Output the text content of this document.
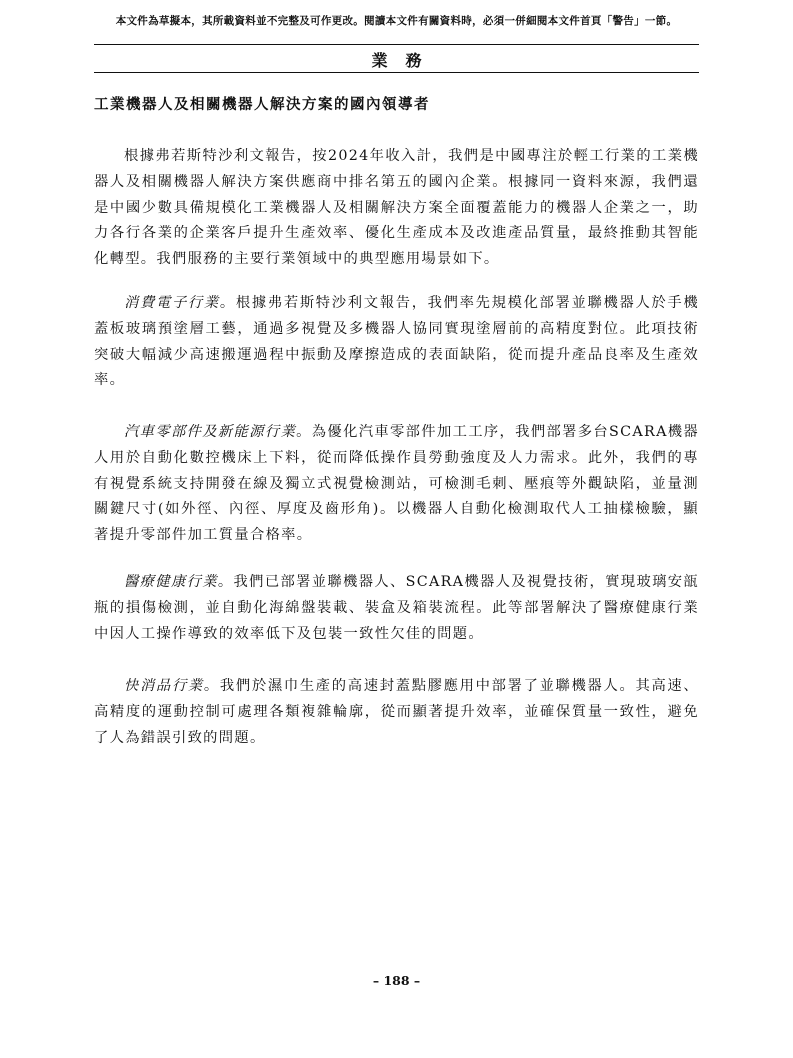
本文件為草擬本，其所載資料並不完整及可作更改。閱讀本文件有關資料時，必須一併細閱本文件首頁「警告」一節。
業務
工業機器人及相關機器人解決方案的國內領導者

根據弗若斯特沙利文報告，按2024年收入計，我們是中國專注於輕工行業的工業機器人及相關機器人解決方案供應商中排名第五的國內企業。根據同一資料來源，我們還是中國少數具備規模化工業機器人及相關解決方案全面覆蓋能力的機器人企業之一，助力各行各業的企業客戶提升生產效率、優化生產成本及改進產品質量，最終推動其智能化轉型。我們服務的主要行業領域中的典型應用場景如下。

消費電子行業。根據弗若斯特沙利文報告，我們率先規模化部署並聯機器人於手機蓋板玻璃預塗層工藝，通過多視覺及多機器人協同實現塗層前的高精度對位。此項技術突破大幅減少高速搬運過程中振動及摩擦造成的表面缺陷，從而提升產品良率及生產效率。

汽車零部件及新能源行業。為優化汽車零部件加工工序，我們部署多台SCARA機器人用於自動化數控機床上下料，從而降低操作員勞動強度及人力需求。此外，我們的專有視覺系統支持開發在線及獨立式視覺檢測站，可檢測毛刺、壓痕等外觀缺陷，並量測關鍵尺寸(如外徑、內徑、厚度及齒形角)。以機器人自動化檢測取代人工抽樣檢驗，顯著提升零部件加工質量合格率。

醫療健康行業。我們已部署並聯機器人、SCARA機器人及視覺技術，實現玻璃安瓿瓶的損傷檢測，並自動化海綿盤裝載、裝盒及箱裝流程。此等部署解決了醫療健康行業中因人工操作導致的效率低下及包裝一致性欠佳的問題。

快消品行業。我們於濕巾生產的高速封蓋點膠應用中部署了並聯機器人。其高速、高精度的運動控制可處理各類複雜輪廓，從而顯著提升效率，並確保質量一致性，避免了人為錯誤引致的問題。

– 188 –
